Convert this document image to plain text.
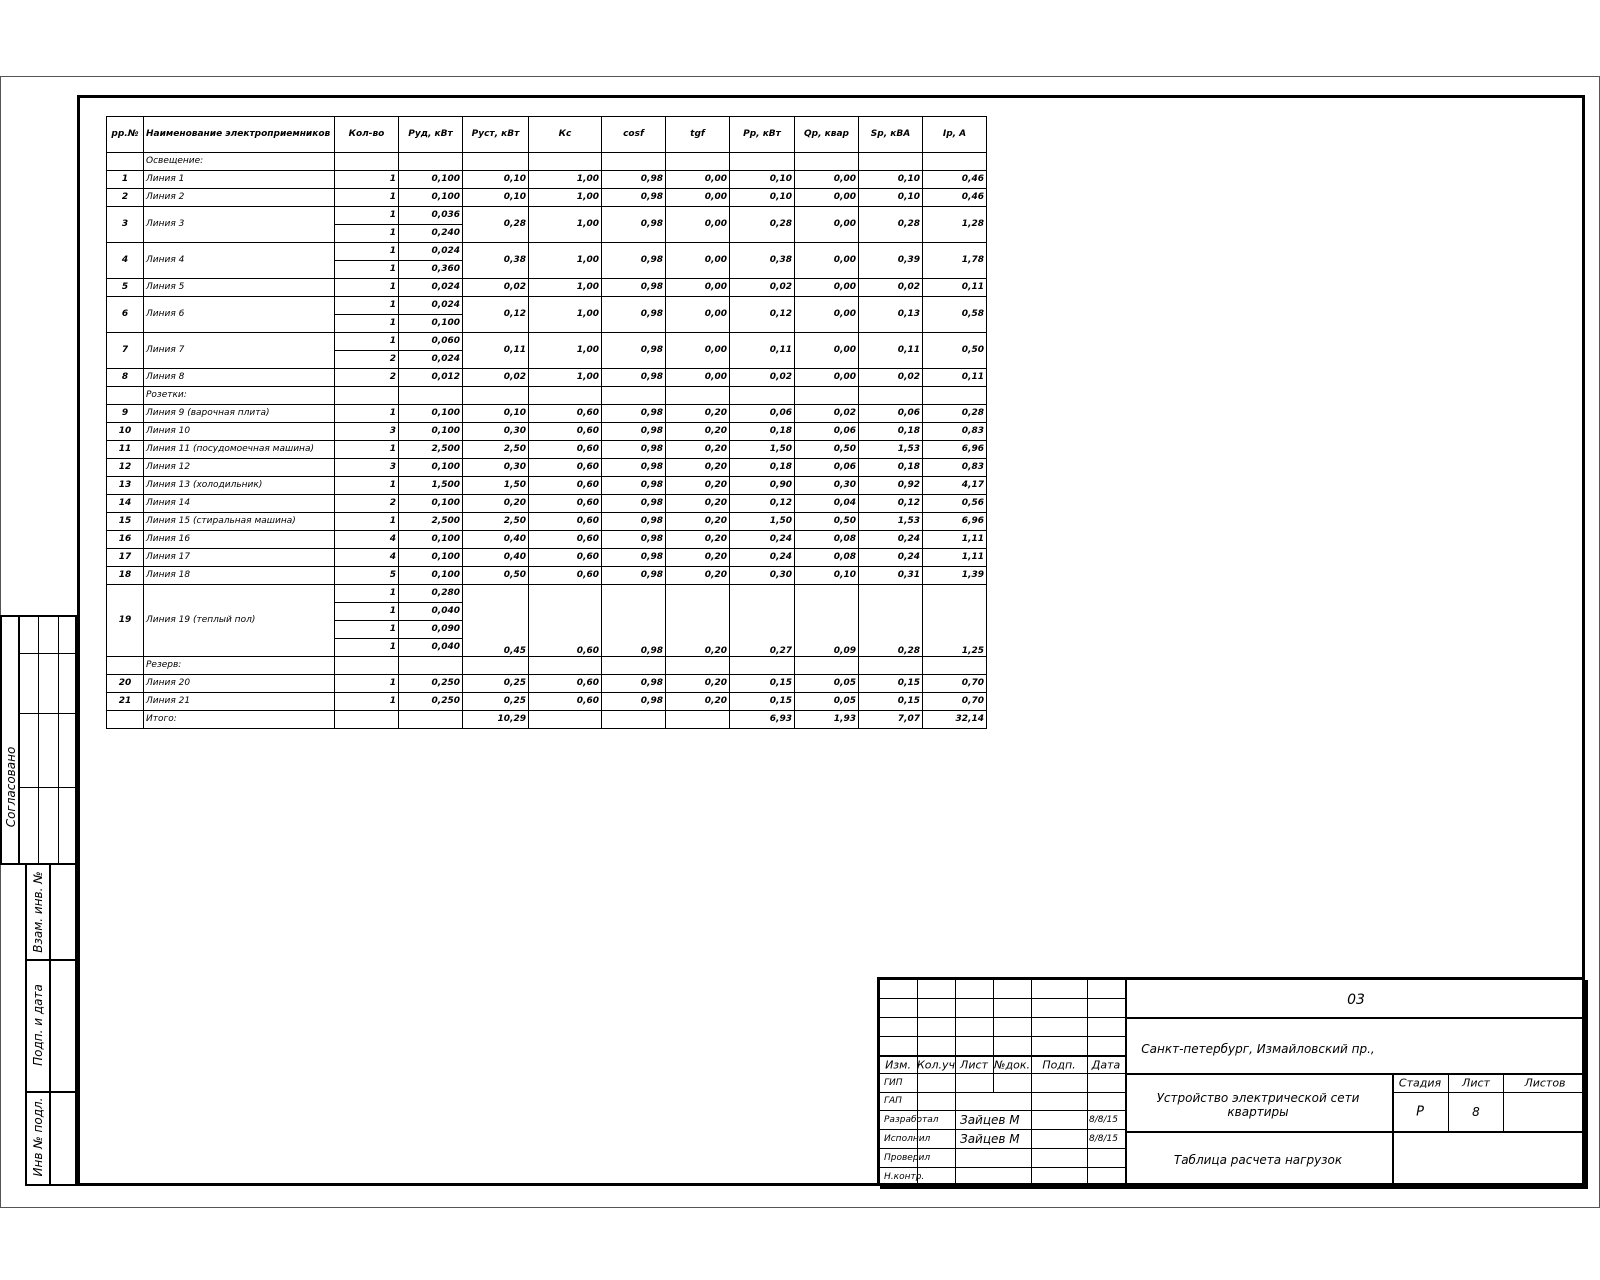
Согласовано
Взам. инв. №
Подп. и дата
Инв № подл.
рр.№	Наименование электроприемников	Кол-во	Руд, кВт	Руст, кВт	Кс	cosf	tgf	Рр, кВт	Qр, квар	Sр, кВА	Iр, А
	Освещение:										
1	Линия 1	1	0,100	0,10	1,00	0,98	0,00	0,10	0,00	0,10	0,46
2	Линия 2	1	0,100	0,10	1,00	0,98	0,00	0,10	0,00	0,10	0,46
3	Линия 3	1	0,036	0,28	1,00	0,98	0,00	0,28	0,00	0,28	1,28
		1	0,240								
4	Линия 4	1	0,024	0,38	1,00	0,98	0,00	0,38	0,00	0,39	1,78
		1	0,360								
5	Линия 5	1	0,024	0,02	1,00	0,98	0,00	0,02	0,00	0,02	0,11
6	Линия 6	1	0,024	0,12	1,00	0,98	0,00	0,12	0,00	0,13	0,58
		1	0,100								
7	Линия 7	1	0,060	0,11	1,00	0,98	0,00	0,11	0,00	0,11	0,50
		2	0,024								
8	Линия 8	2	0,012	0,02	1,00	0,98	0,00	0,02	0,00	0,02	0,11
	Розетки:										
9	Линия 9 (варочная плита)	1	0,100	0,10	0,60	0,98	0,20	0,06	0,02	0,06	0,28
10	Линия 10	3	0,100	0,30	0,60	0,98	0,20	0,18	0,06	0,18	0,83
11	Линия 11 (посудомоечная машина)	1	2,500	2,50	0,60	0,98	0,20	1,50	0,50	1,53	6,96
12	Линия 12	3	0,100	0,30	0,60	0,98	0,20	0,18	0,06	0,18	0,83
13	Линия 13 (холодильник)	1	1,500	1,50	0,60	0,98	0,20	0,90	0,30	0,92	4,17
14	Линия 14	2	0,100	0,20	0,60	0,98	0,20	0,12	0,04	0,12	0,56
15	Линия 15 (стиральная машина)	1	2,500	2,50	0,60	0,98	0,20	1,50	0,50	1,53	6,96
16	Линия 16	4	0,100	0,40	0,60	0,98	0,20	0,24	0,08	0,24	1,11
17	Линия 17	4	0,100	0,40	0,60	0,98	0,20	0,24	0,08	0,24	1,11
18	Линия 18	5	0,100	0,50	0,60	0,98	0,20	0,30	0,10	0,31	1,39
19	Линия 19 (теплый пол)	1	0,280	0,45	0,60	0,98	0,20	0,27	0,09	0,28	1,25
		1	0,040								
		1	0,090								
		1	0,040								
	Резерв:										
20	Линия 20	1	0,250	0,25	0,60	0,98	0,20	0,15	0,05	0,15	0,70
21	Линия 21	1	0,250	0,25	0,60	0,98	0,20	0,15	0,05	0,15	0,70
	Итого:			10,29				6,93	1,93	7,07	32,14
Изм. Кол.уч Лист №док. Подп. Дата
ГИП
ГАП
Разработал Зайцев М	8/8/15
Исполнил Зайцев М	8/8/15
Проверил
Н.контр.
03
Санкт-петербург, Измайловский пр.,
Устройство электрической сети квартиры
Таблица расчета нагрузок
Стадия Лист	Листов
Р	8
